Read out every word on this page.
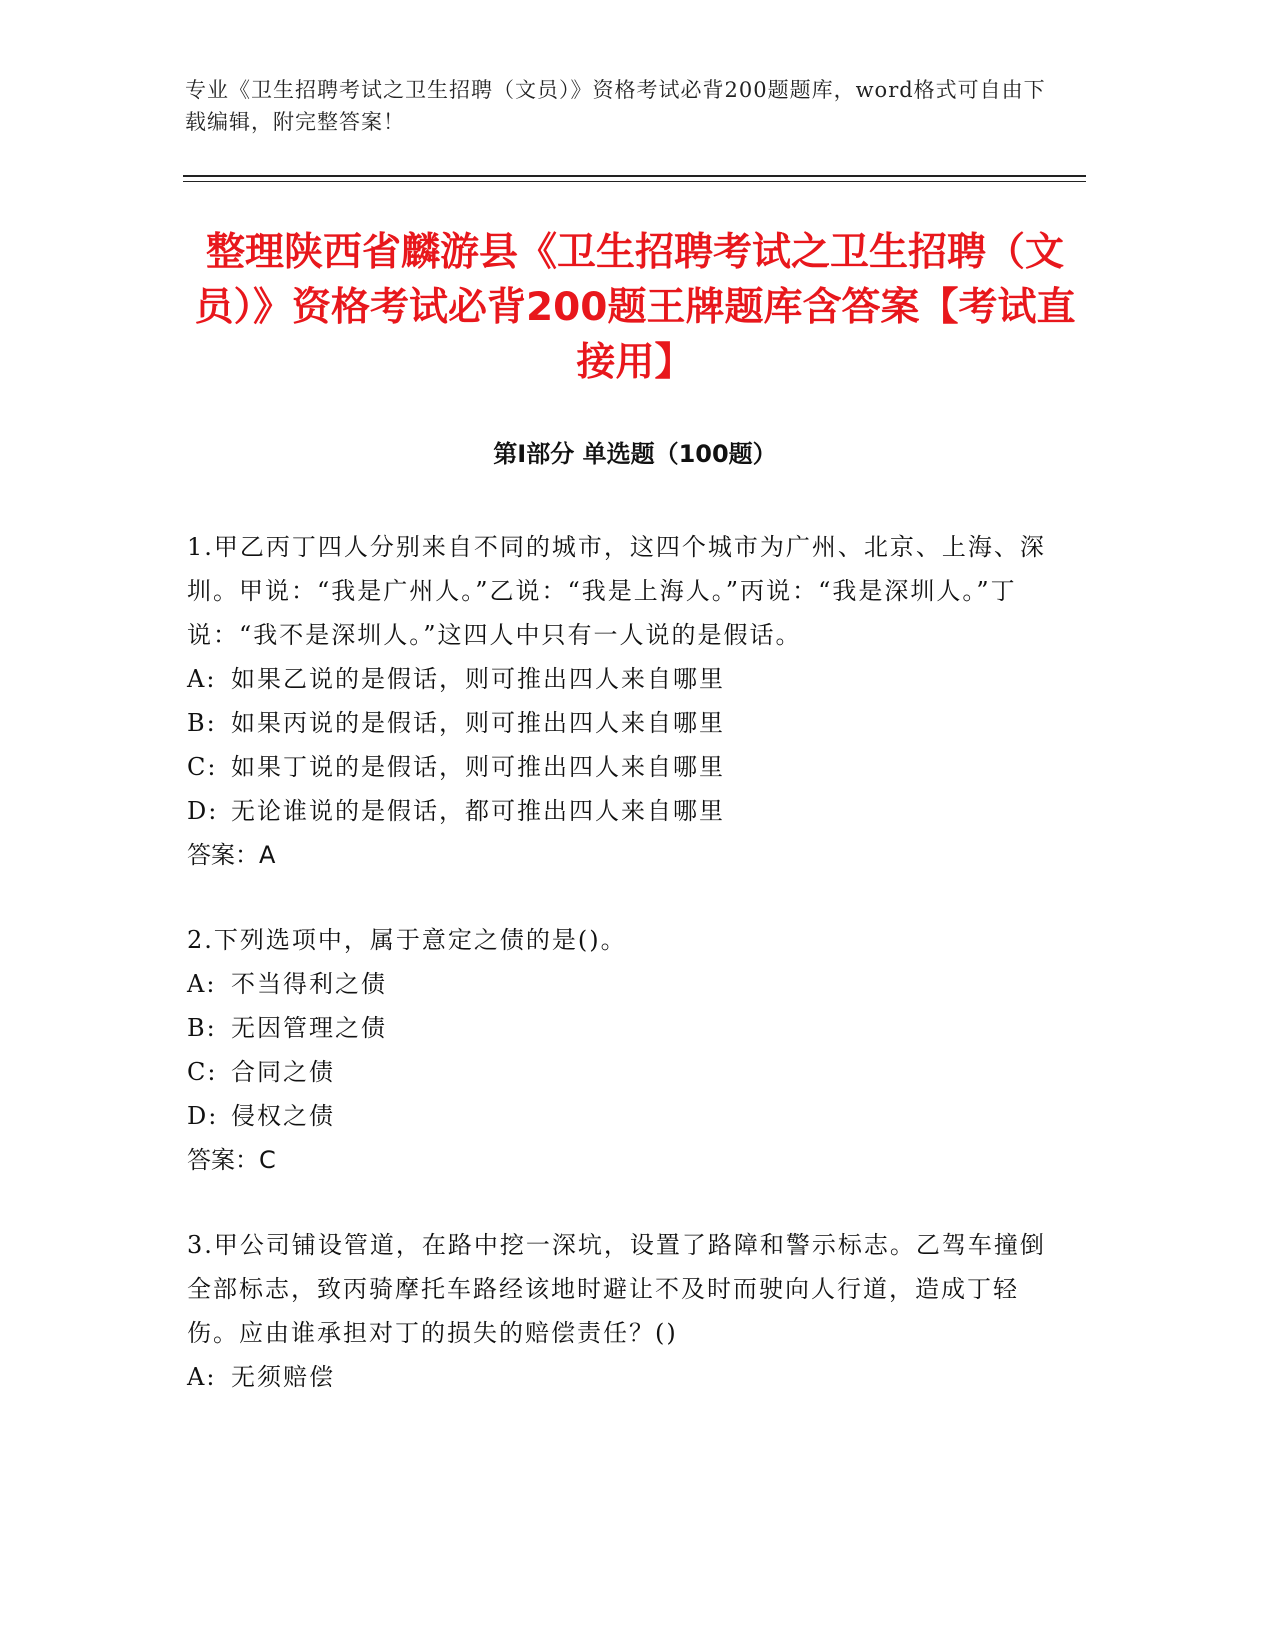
专业《卫生招聘考试之卫生招聘（文员）》资格考试必背200题题库，word格式可自由下载编辑，附完整答案！
整理陕西省麟游县《卫生招聘考试之卫生招聘（文员）》资格考试必背200题王牌题库含答案【考试直接用】
第Ⅰ部分 单选题（100题）

1.甲乙丙丁四人分别来自不同的城市，这四个城市为广州、北京、上海、深圳。甲说：“我是广州人。”乙说：“我是上海人。”丙说：“我是深圳人。”丁说：“我不是深圳人。”这四人中只有一人说的是假话。

A: 如果乙说的是假话，则可推出四人来自哪里

B: 如果丙说的是假话，则可推出四人来自哪里

C: 如果丁说的是假话，则可推出四人来自哪里

D: 无论谁说的是假话，都可推出四人来自哪里

答案：A

2.下列选项中，属于意定之债的是()。

A: 不当得利之债

B: 无因管理之债

C: 合同之债

D: 侵权之债

答案：C

3.甲公司铺设管道，在路中挖一深坑，设置了路障和警示标志。乙驾车撞倒全部标志，致丙骑摩托车路经该地时避让不及时而驶向人行道，造成丁轻伤。应由谁承担对丁的损失的赔偿责任？()

A: 无须赔偿
